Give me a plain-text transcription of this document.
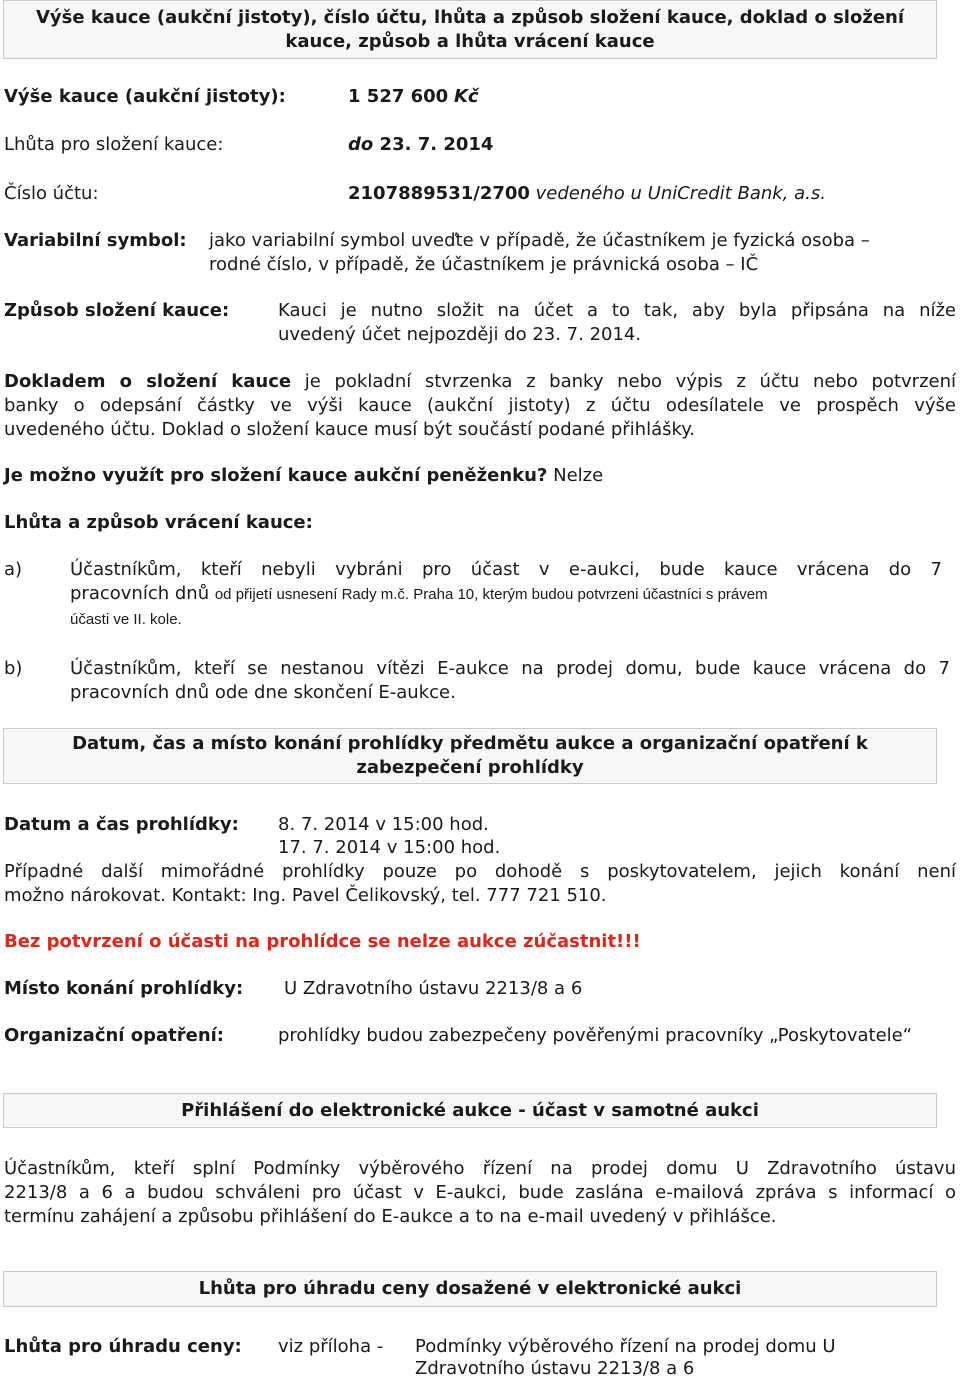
Výše kauce (aukční jistoty), číslo účtu, lhůta a způsob složení kauce, doklad o složení kauce, způsob a lhůta vrácení kauce
Výše kauce (aukční jistoty):	1 527 600 Kč
Lhůta pro složení kauce:	do 23. 7. 2014
Číslo účtu:	2107889531/2700 vedeného u UniCredit Bank, a.s.
Variabilní symbol: jako variabilní symbol uveďte v případě, že účastníkem je fyzická osoba –
rodné číslo, v případě, že účastníkem je právnická osoba – IČ
Způsob složení kauce:	Kauci je nutno složit na účet a to tak, aby byla připsána na níže
uvedený účet nejpozději do 23. 7. 2014.
Dokladem o složení kauce je pokladní stvrzenka z banky nebo výpis z účtu nebo potvrzení
banky o odepsání částky ve výši kauce (aukční jistoty) z účtu odesílatele ve prospěch výše
uvedeného účtu. Doklad o složení kauce musí být součástí podané přihlášky.
Je možno využít pro složení kauce aukční peněženku? Nelze
Lhůta a způsob vrácení kauce:
a)	Účastníkům, kteří nebyli vybráni pro účast v e-aukci, bude kauce vrácena do 7
pracovních dnů od přijetí usnesení Rady m.č. Praha 10, kterým budou potvrzeni účastníci s právem
účasti ve II. kole.
b)	Účastníkům, kteří se nestanou vítězi E-aukce na prodej domu, bude kauce vrácena do 7
pracovních dnů ode dne skončení E-aukce.
Datum, čas a místo konání prohlídky předmětu aukce a organizační opatření k zabezpečení prohlídky
Datum a čas prohlídky: 8. 7. 2014 v 15:00 hod.
17. 7. 2014 v 15:00 hod.
Případné další mimořádné prohlídky pouze po dohodě s poskytovatelem, jejich konání není
možno nárokovat. Kontakt: Ing. Pavel Čelikovský, tel. 777 721 510.
Bez potvrzení o účasti na prohlídce se nelze aukce zúčastnit!!!
Místo konání prohlídky: U Zdravotního ústavu 2213/8 a 6
Organizační opatření:	prohlídky budou zabezpečeny pověřenými pracovníky „Poskytovatele“
Přihlášení do elektronické aukce - účast v samotné aukci
Účastníkům, kteří splní Podmínky výběrového řízení na prodej domu U Zdravotního ústavu
2213/8 a 6 a budou schváleni pro účast v E-aukci, bude zaslána e-mailová zpráva s informací o
termínu zahájení a způsobu přihlášení do E-aukce a to na e-mail uvedený v přihlášce.
Lhůta pro úhradu ceny dosažené v elektronické aukci
Lhůta pro úhradu ceny: viz příloha - Podmínky výběrového řízení na prodej domu U
Zdravotního ústavu 2213/8 a 6
